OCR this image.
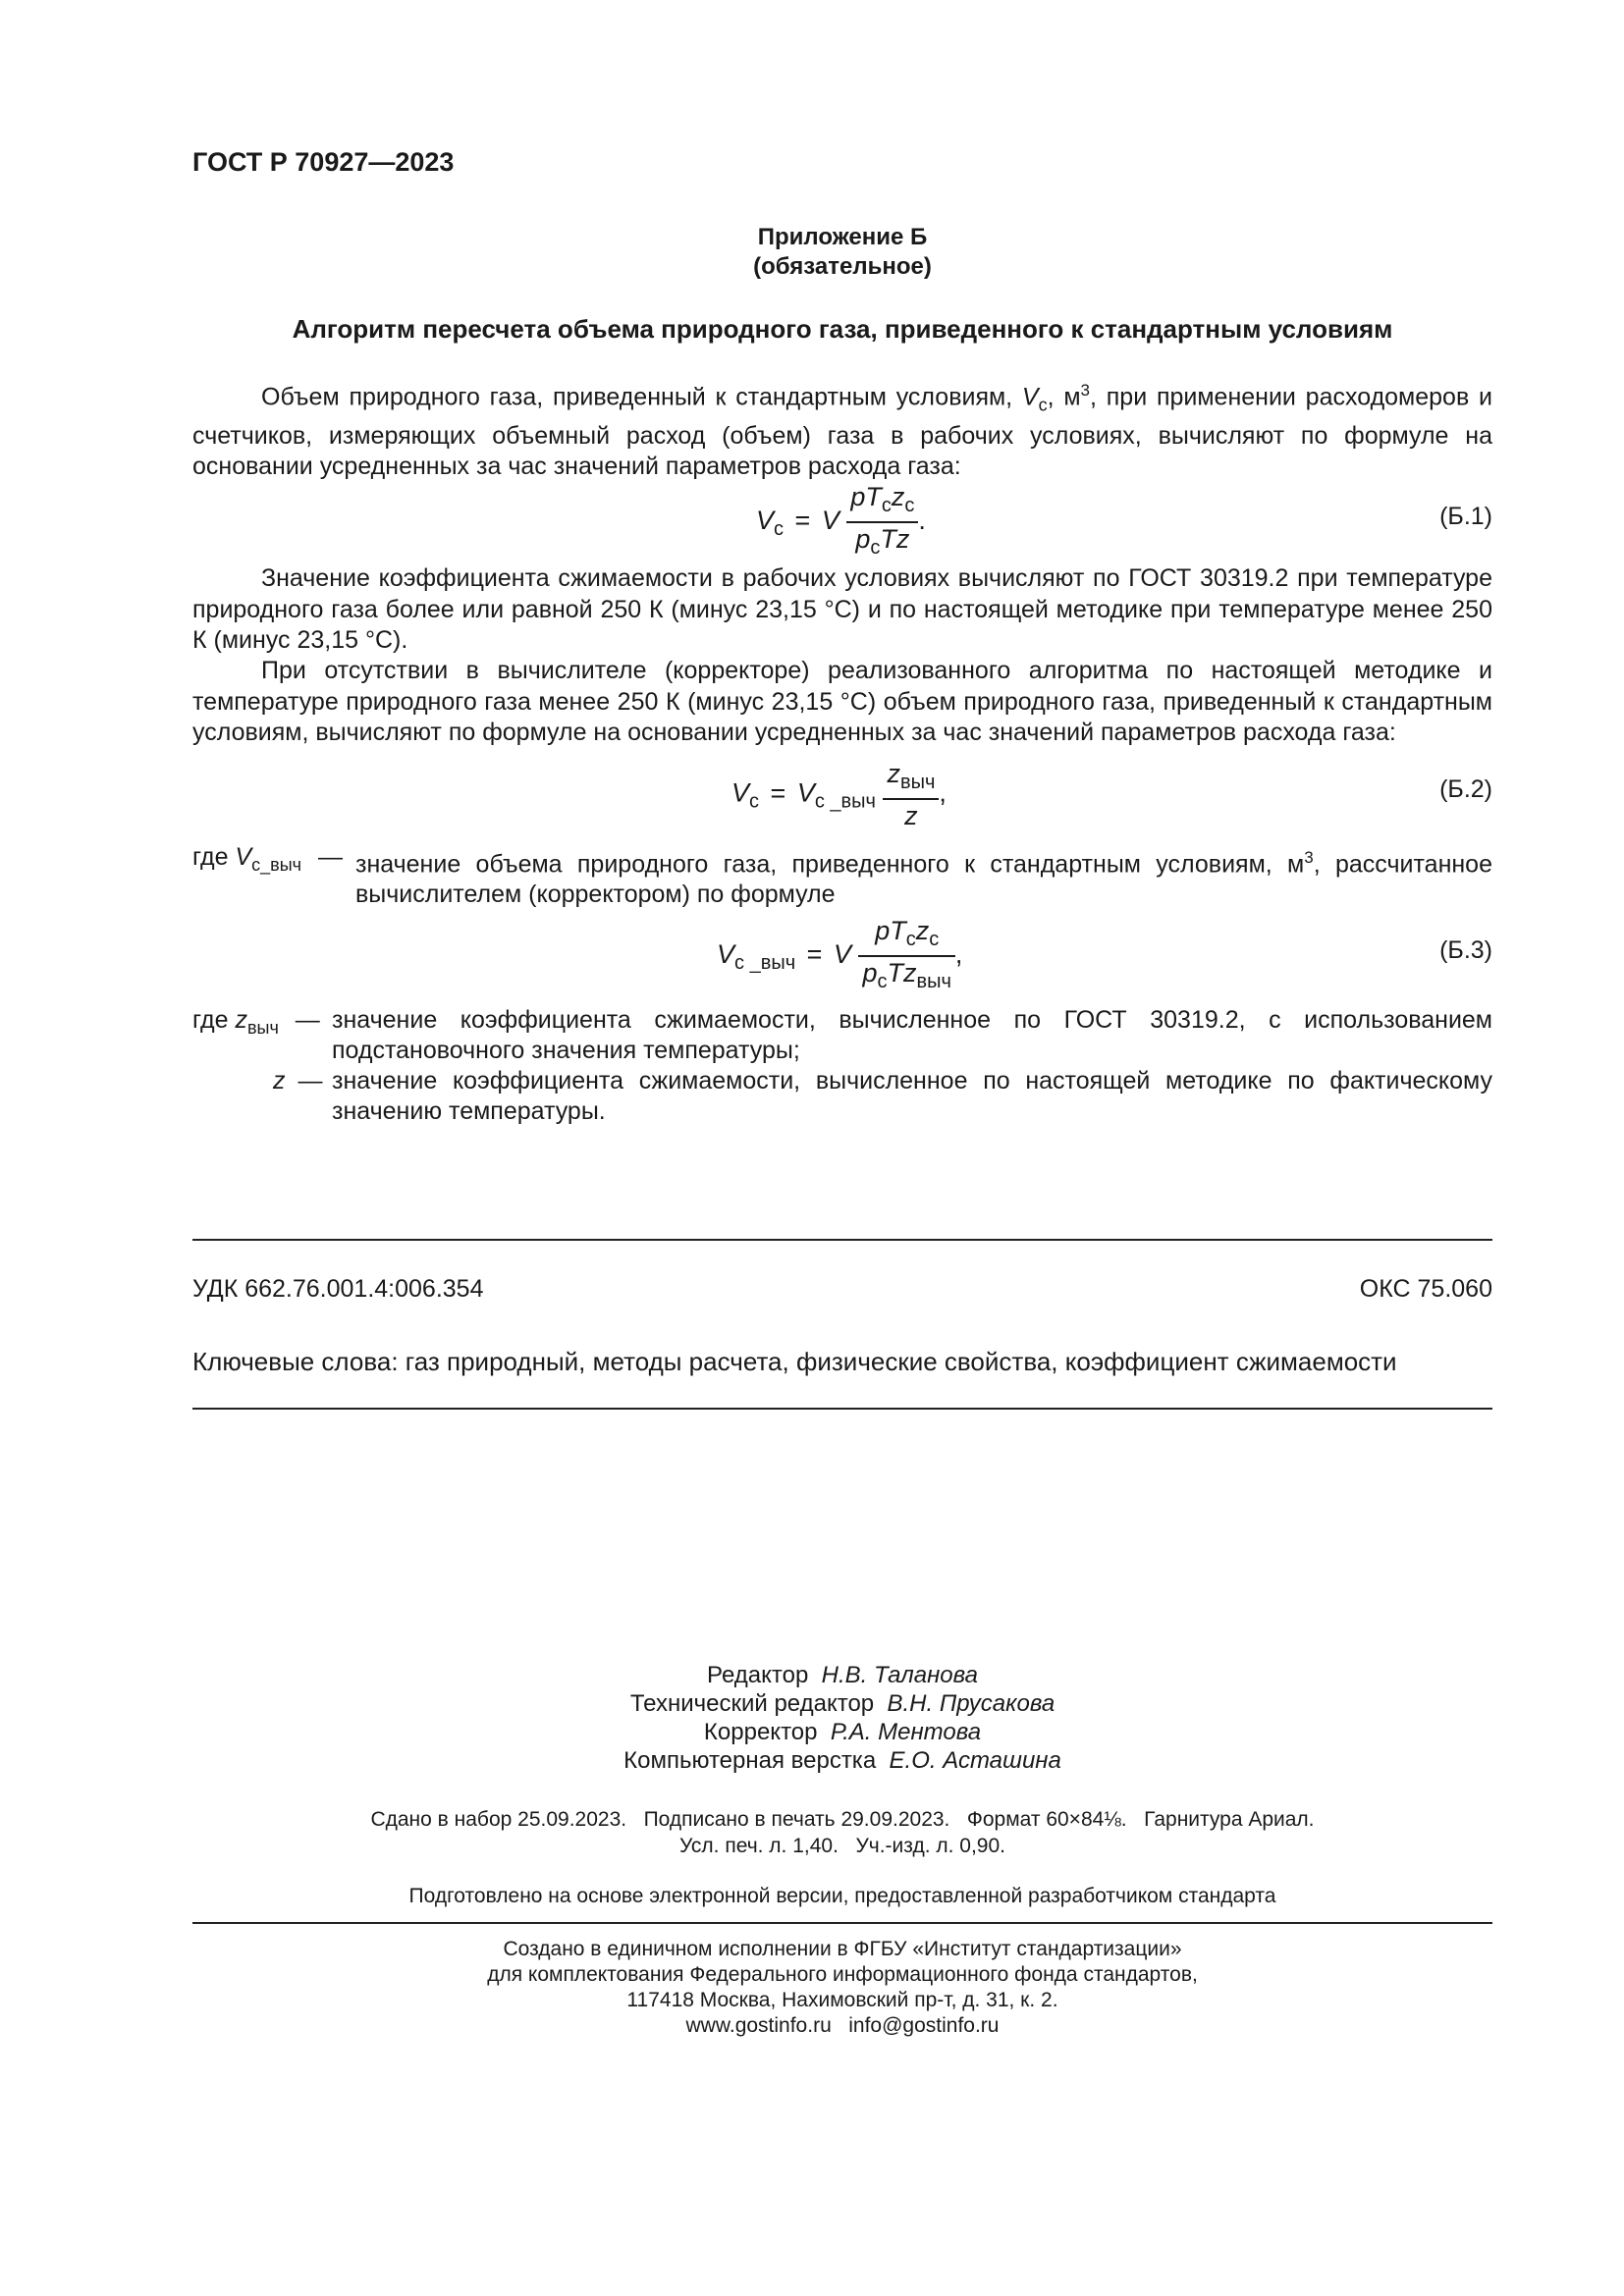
ГОСТ Р 70927—2023
Приложение Б
(обязательное)
Алгоритм пересчета объема природного газа, приведенного к стандартным условиям
Объем природного газа, приведенный к стандартным условиям, $V_с$, $м^3$, при применении расходомеров и счетчиков, измеряющих объемный расход (объем) газа в рабочих условиях, вычисляют по формуле на основании усредненных за час значений параметров расхода газа:
$V_с = V \frac{pT_сz_с}{p_сTz}$ .	(Б.1)
Значение коэффициента сжимаемости в рабочих условиях вычисляют по ГОСТ 30319.2 при температуре природного газа более или равной 250 К (минус 23,15 °С) и по настоящей методике при температуре менее 250 К (минус 23,15 °С).
При отсутствии в вычислителе (корректоре) реализованного алгоритма по настоящей методике и температуре природного газа менее 250 К (минус 23,15 °С) объем природного газа, приведенный к стандартным условиям, вычисляют по формуле на основании усредненных за час значений параметров расхода газа:
$V_с = V_{с \_выч} \frac{z_{выч}}{z}$ ,	(Б.2)
где $V_{с\_выч}$ — значение объема природного газа, приведенного к стандартным условиям, $м^3$, рассчитанное вычислителем (корректором) по формуле
$V_{с \_выч} = V \frac{pT_сz_с}{p_сTz_{выч}}$ ,	(Б.3)
где $z_{выч}$ — значение коэффициента сжимаемости, вычисленное по ГОСТ 30319.2, с использованием подстановочного значения температуры;
z — значение коэффициента сжимаемости, вычисленное по настоящей методике по фактическому значению температуры.
УДК 662.76.001.4:006.354	ОКС 75.060
Ключевые слова: газ природный, методы расчета, физические свойства, коэффициент сжимаемости
Редактор Н.В. Таланова
Технический редактор В.Н. Прусакова
Корректор Р.А. Ментова
Компьютерная верстка Е.О. Асташина
Сдано в набор 25.09.2023.   Подписано в печать 29.09.2023.   Формат 60×84⅛.   Гарнитура Ариал.
Усл. печ. л. 1,40.   Уч.-изд. л. 0,90.
Подготовлено на основе электронной версии, предоставленной разработчиком стандарта
Создано в единичном исполнении в ФГБУ «Институт стандартизации»
для комплектования Федерального информационного фонда стандартов,
117418 Москва, Нахимовский пр-т, д. 31, к. 2.
www.gostinfo.ru   info@gostinfo.ru
